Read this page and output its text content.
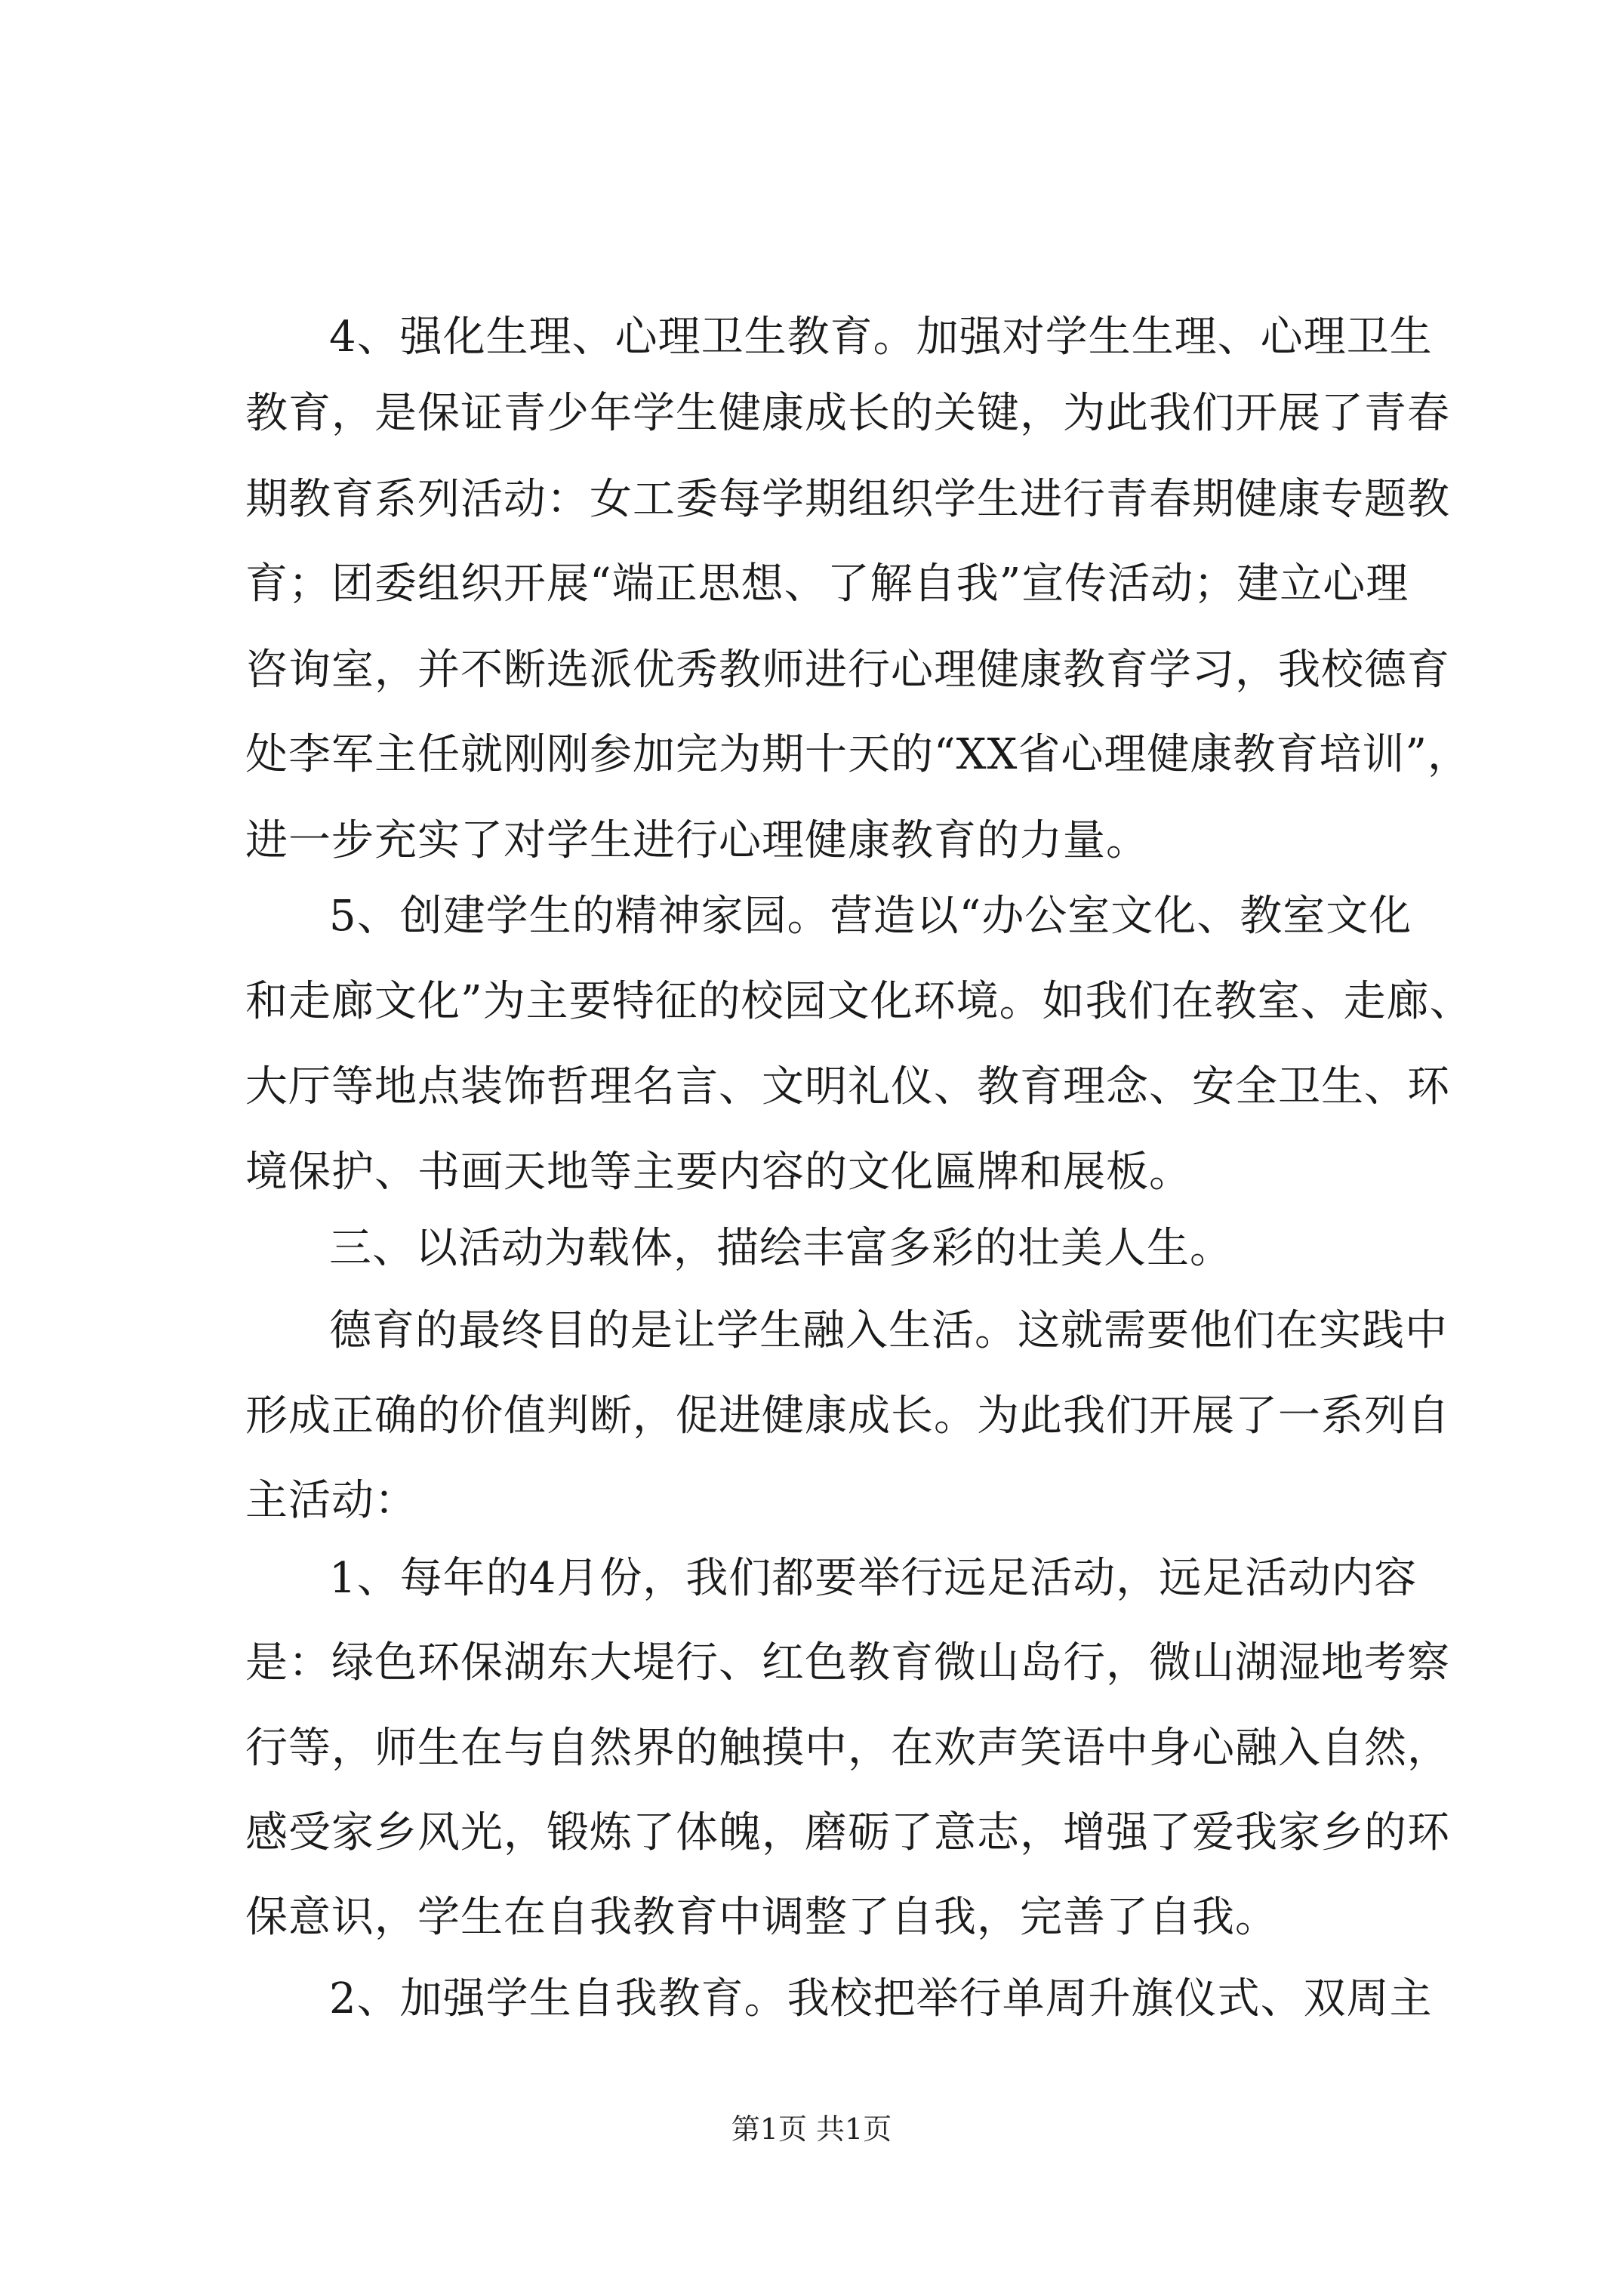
4、强化生理、心理卫生教育。加强对学生生理、心理卫生
教育，是保证青少年学生健康成长的关键，为此我们开展了青春
期教育系列活动：女工委每学期组织学生进行青春期健康专题教
育；团委组织开展“端正思想、了解自我”宣传活动；建立心理
咨询室，并不断选派优秀教师进行心理健康教育学习，我校德育
处李军主任就刚刚参加完为期十天的“XX省心理健康教育培训”，
进一步充实了对学生进行心理健康教育的力量。
5、创建学生的精神家园。营造以“办公室文化、教室文化
和走廊文化”为主要特征的校园文化环境。如我们在教室、走廊、
大厅等地点装饰哲理名言、文明礼仪、教育理念、安全卫生、环
境保护、书画天地等主要内容的文化匾牌和展板。
三、以活动为载体，描绘丰富多彩的壮美人生。
德育的最终目的是让学生融入生活。这就需要他们在实践中
形成正确的价值判断，促进健康成长。为此我们开展了一系列自
主活动：
1、每年的4月份，我们都要举行远足活动，远足活动内容
是：绿色环保湖东大堤行、红色教育微山岛行，微山湖湿地考察
行等，师生在与自然界的触摸中，在欢声笑语中身心融入自然，
感受家乡风光，锻炼了体魄，磨砺了意志，增强了爱我家乡的环
保意识，学生在自我教育中调整了自我，完善了自我。
2、加强学生自我教育。我校把举行单周升旗仪式、双周主
第1页 共1页
